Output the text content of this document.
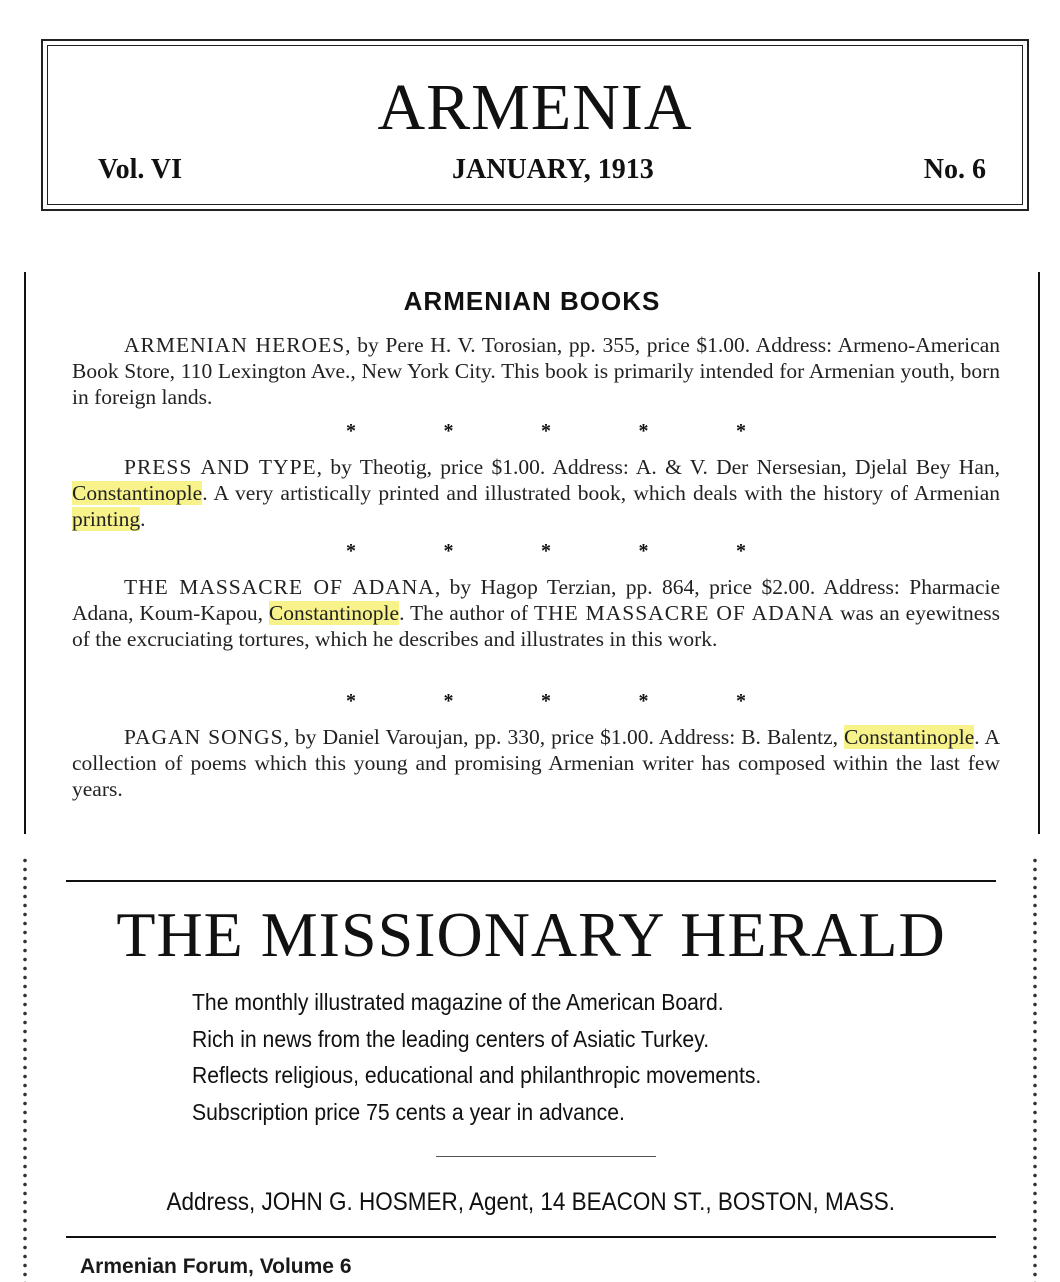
ARMENIA
Vol. VI	JANUARY, 1913	No. 6
ARMENIAN BOOKS
ARMENIAN HEROES, by Pere H. V. Torosian, pp. 355, price $1.00. Address: Armeno-American Book Store, 110 Lexington Ave., New York City. This book is primarily intended for Armenian youth, born in foreign lands.
*	*	*	*	*
PRESS AND TYPE, by Theotig, price $1.00. Address: A. & V. Der Nersesian, Djelal Bey Han, Constantinople. A very artistically printed and illustrated book, which deals with the history of Armenian printing.
*	*	*	*	*
THE MASSACRE OF ADANA, by Hagop Terzian, pp. 864, price $2.00. Address: Pharmacie Adana, Koum-Kapou, Constantinople. The author of THE MASSACRE OF ADANA was an eyewitness of the excruciating tortures, which he describes and illustrates in this work.
*	*	*	*	*
PAGAN SONGS, by Daniel Varoujan, pp. 330, price $1.00. Address: B. Balentz, Constantinople. A collection of poems which this young and promising Armenian writer has composed within the last few years.
THE MISSIONARY HERALD
The monthly illustrated magazine of the American Board.
Rich in news from the leading centers of Asiatic Turkey.
Reflects religious, educational and philanthropic movements.
Subscription price 75 cents a year in advance.
Address, JOHN G. HOSMER, Agent, 14 BEACON ST., BOSTON, MASS.
Armenian Forum, Volume 6
